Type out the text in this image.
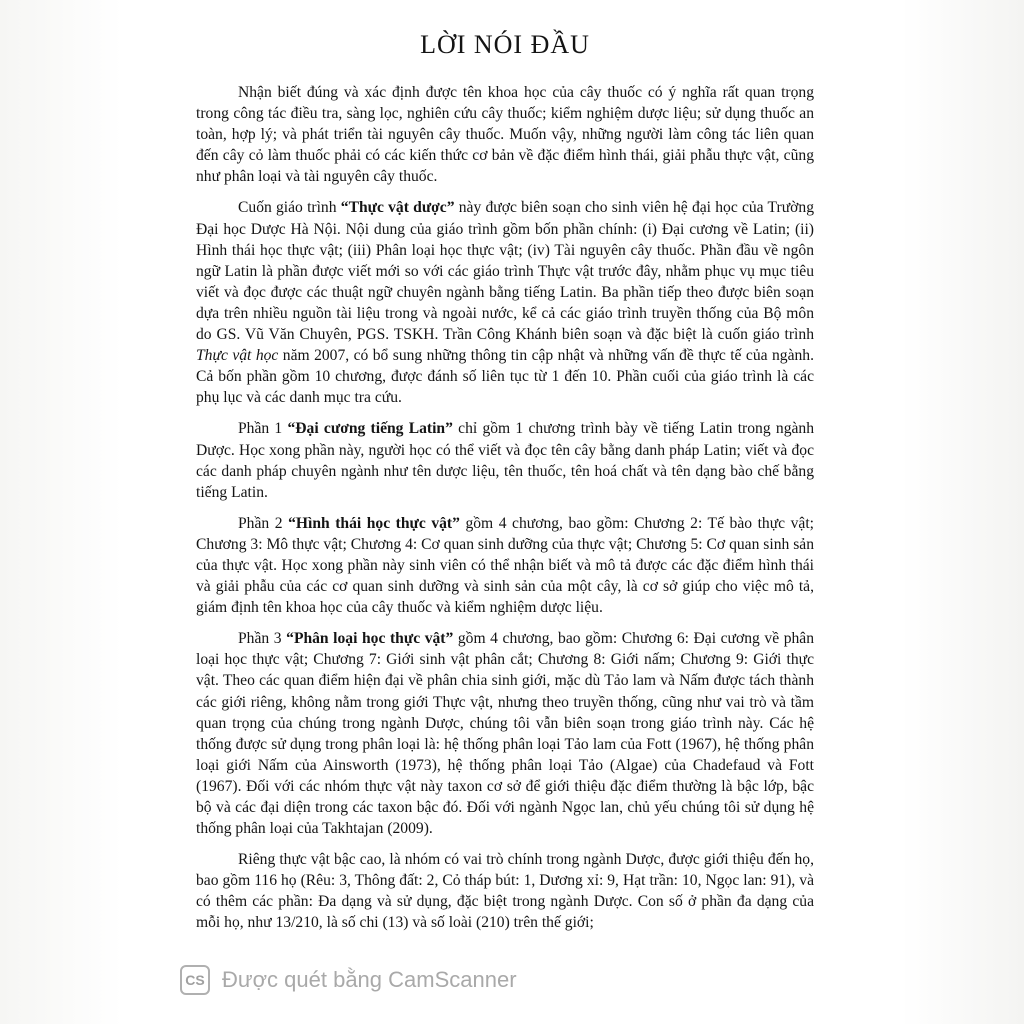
LỜI NÓI ĐẦU

Nhận biết đúng và xác định được tên khoa học của cây thuốc có ý nghĩa rất quan trọng trong công tác điều tra, sàng lọc, nghiên cứu cây thuốc; kiểm nghiệm dược liệu; sử dụng thuốc an toàn, hợp lý; và phát triển tài nguyên cây thuốc. Muốn vậy, những người làm công tác liên quan đến cây cỏ làm thuốc phải có các kiến thức cơ bản về đặc điểm hình thái, giải phẫu thực vật, cũng như phân loại và tài nguyên cây thuốc.

Cuốn giáo trình “Thực vật dược” này được biên soạn cho sinh viên hệ đại học của Trường Đại học Dược Hà Nội. Nội dung của giáo trình gồm bốn phần chính: (i) Đại cương về Latin; (ii) Hình thái học thực vật; (iii) Phân loại học thực vật; (iv) Tài nguyên cây thuốc. Phần đầu về ngôn ngữ Latin là phần được viết mới so với các giáo trình Thực vật trước đây, nhằm phục vụ mục tiêu viết và đọc được các thuật ngữ chuyên ngành bằng tiếng Latin. Ba phần tiếp theo được biên soạn dựa trên nhiều nguồn tài liệu trong và ngoài nước, kể cả các giáo trình truyền thống của Bộ môn do GS. Vũ Văn Chuyên, PGS. TSKH. Trần Công Khánh biên soạn và đặc biệt là cuốn giáo trình Thực vật học năm 2007, có bổ sung những thông tin cập nhật và những vấn đề thực tế của ngành. Cả bốn phần gồm 10 chương, được đánh số liên tục từ 1 đến 10. Phần cuối của giáo trình là các phụ lục và các danh mục tra cứu.

Phần 1 “Đại cương tiếng Latin” chỉ gồm 1 chương trình bày về tiếng Latin trong ngành Dược. Học xong phần này, người học có thể viết và đọc tên cây bằng danh pháp Latin; viết và đọc các danh pháp chuyên ngành như tên dược liệu, tên thuốc, tên hoá chất và tên dạng bào chế bằng tiếng Latin.

Phần 2 “Hình thái học thực vật” gồm 4 chương, bao gồm: Chương 2: Tế bào thực vật; Chương 3: Mô thực vật; Chương 4: Cơ quan sinh dưỡng của thực vật; Chương 5: Cơ quan sinh sản của thực vật. Học xong phần này sinh viên có thể nhận biết và mô tả được các đặc điểm hình thái và giải phẫu của các cơ quan sinh dưỡng và sinh sản của một cây, là cơ sở giúp cho việc mô tả, giám định tên khoa học của cây thuốc và kiểm nghiệm dược liệu.

Phần 3 “Phân loại học thực vật” gồm 4 chương, bao gồm: Chương 6: Đại cương về phân loại học thực vật; Chương 7: Giới sinh vật phân cắt; Chương 8: Giới nấm; Chương 9: Giới thực vật. Theo các quan điểm hiện đại về phân chia sinh giới, mặc dù Tảo lam và Nấm được tách thành các giới riêng, không nằm trong giới Thực vật, nhưng theo truyền thống, cũng như vai trò và tầm quan trọng của chúng trong ngành Dược, chúng tôi vẫn biên soạn trong giáo trình này. Các hệ thống được sử dụng trong phân loại là: hệ thống phân loại Tảo lam của Fott (1967), hệ thống phân loại giới Nấm của Ainsworth (1973), hệ thống phân loại Tảo (Algae) của Chadefaud và Fott (1967). Đối với các nhóm thực vật này taxon cơ sở để giới thiệu đặc điểm thường là bậc lớp, bậc bộ và các đại diện trong các taxon bậc đó. Đối với ngành Ngọc lan, chủ yếu chúng tôi sử dụng hệ thống phân loại của Takhtajan (2009).

Riêng thực vật bậc cao, là nhóm có vai trò chính trong ngành Dược, được giới thiệu đến họ, bao gồm 116 họ (Rêu: 3, Thông đất: 2, Cỏ tháp bút: 1, Dương xỉ: 9, Hạt trần: 10, Ngọc lan: 91), và có thêm các phần: Đa dạng và sử dụng, đặc biệt trong ngành Dược. Con số ở phần đa dạng của mỗi họ, như 13/210, là số chi (13) và số loài (210) trên thế giới;

CS Được quét bằng CamScanner
